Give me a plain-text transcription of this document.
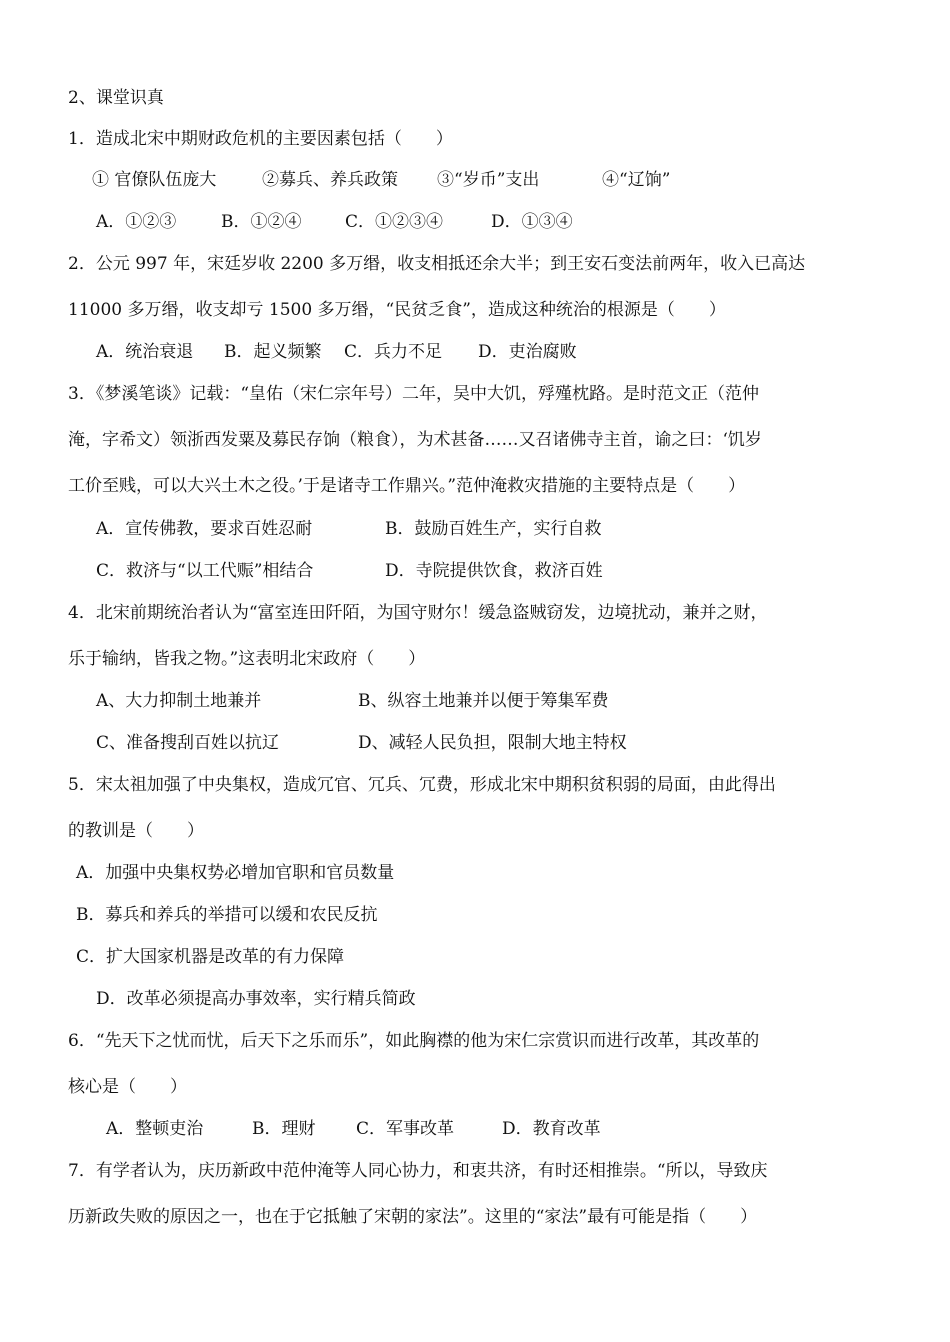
2、课堂识真
1．造成北宋中期财政危机的主要因素包括（　　）
① 官僚队伍庞大	②募兵、养兵政策 ③“岁币”支出	④“辽饷”
A．①②③	B．①②④	C．①②③④	D．①③④
2．公元 997 年，宋廷岁收 2200 多万缗，收支相抵还余大半；到王安石变法前两年，收入已高达
11000 多万缗，收支却亏 1500 多万缗，“民贫乏食”，造成这种统治的根源是（　　）
A．统治衰退 B．起义频繁 C．兵力不足 D．吏治腐败
3．《梦溪笔谈》记载：“皇佑（宋仁宗年号）二年，吴中大饥，殍殣枕路。是时范文正（范仲
淹，字希文）领浙西发粟及募民存饷（粮食），为术甚备……又召诸佛寺主首，谕之曰：‘饥岁
工价至贱，可以大兴土木之役。’于是诸寺工作鼎兴。”范仲淹救灾措施的主要特点是（　　）
A．宣传佛教，要求百姓忍耐	B．鼓励百姓生产，实行自救
C．救济与“以工代赈”相结合	D．寺院提供饮食，救济百姓
4．北宋前期统治者认为“富室连田阡陌，为国守财尔！缓急盗贼窃发，边境扰动，兼并之财，
乐于输纳，皆我之物。”这表明北宋政府（　　）
A、大力抑制土地兼并	B、纵容土地兼并以便于筹集军费
C、准备搜刮百姓以抗辽	D、减轻人民负担，限制大地主特权
5．宋太祖加强了中央集权，造成冗官、冗兵、冗费，形成北宋中期积贫积弱的局面，由此得出
的教训是（　　）
A．加强中央集权势必增加官职和官员数量
B．募兵和养兵的举措可以缓和农民反抗
C．扩大国家机器是改革的有力保障
D．改革必须提高办事效率，实行精兵简政
6．“先天下之忧而忧，后天下之乐而乐”，如此胸襟的他为宋仁宗赏识而进行改革，其改革的
核心是（　　）
A．整顿吏治	B．理财 C．军事改革	D．教育改革
7．有学者认为，庆历新政中范仲淹等人同心协力，和衷共济，有时还相推崇。“所以，导致庆
历新政失败的原因之一，也在于它抵触了宋朝的家法”。这里的“家法”最有可能是指（　　）
